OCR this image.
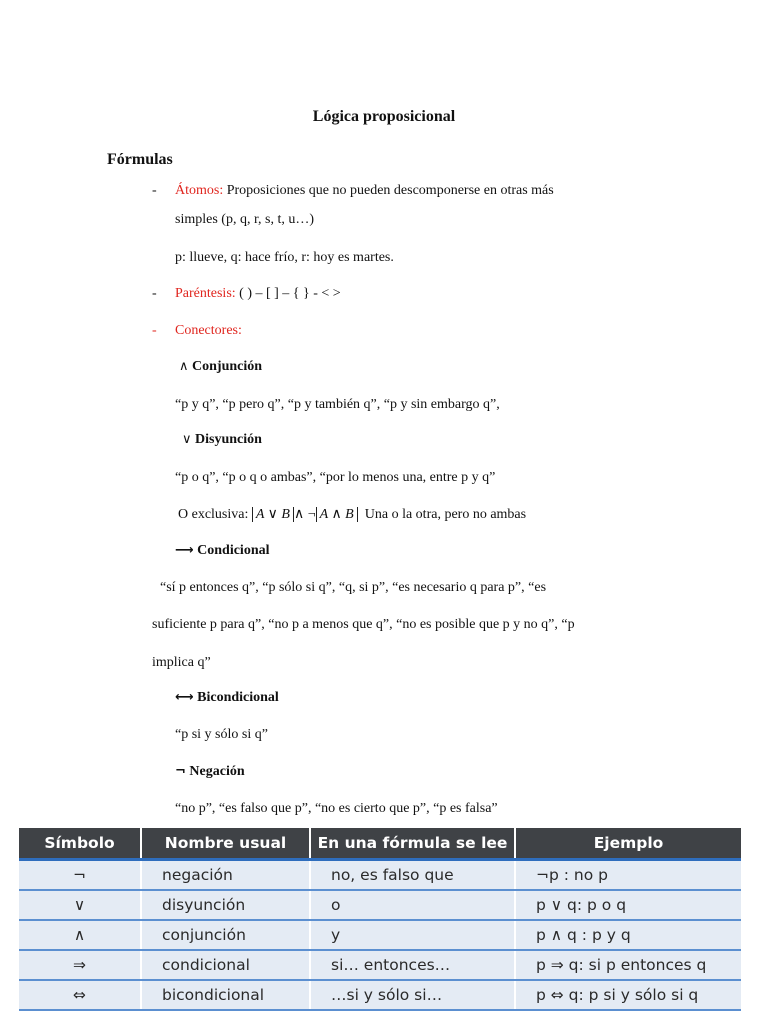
Lógica proposicional
Fórmulas
- Átomos: Proposiciones que no pueden descomponerse en otras más
simples (p, q, r, s, t, u…)
p: llueve, q: hace frío, r: hoy es martes.
- Paréntesis: ( ) – [ ] – { } - < >
- Conectores:
∧ Conjunción
“p y q”, “p pero q”, “p y también q”, “p y sin embargo q”,
∨ Disyunción
“p o q”, “p o q o ambas”, “por lo menos una, entre p y q”
O exclusiva: A ∨ B ∧ ¬ A ∧ B Una o la otra, pero no ambas
⟶ Condicional
“sí p entonces q”, “p sólo si q”, “q, si p”, “es necesario q para p”, “es
suficiente p para q”, “no p a menos que q”, “no es posible que p y no q”, “p
implica q”
⟷ Bicondicional
“p si y sólo si q”
¬ Negación
“no p”, “es falso que p”, “no es cierto que p”, “p es falsa”
Símbolo	Nombre usual	En una fórmula se lee	Ejemplo
¬	negación	no, es falso que	¬p : no p
∨	disyunción	o	p ∨ q: p o q
∧	conjunción	y	p ∧ q : p y q
⇒	condicional	si… entonces…	p ⇒ q: si p entonces q
⇔	bicondicional	…si y sólo si…	p ⇔ q: p si y sólo si q
